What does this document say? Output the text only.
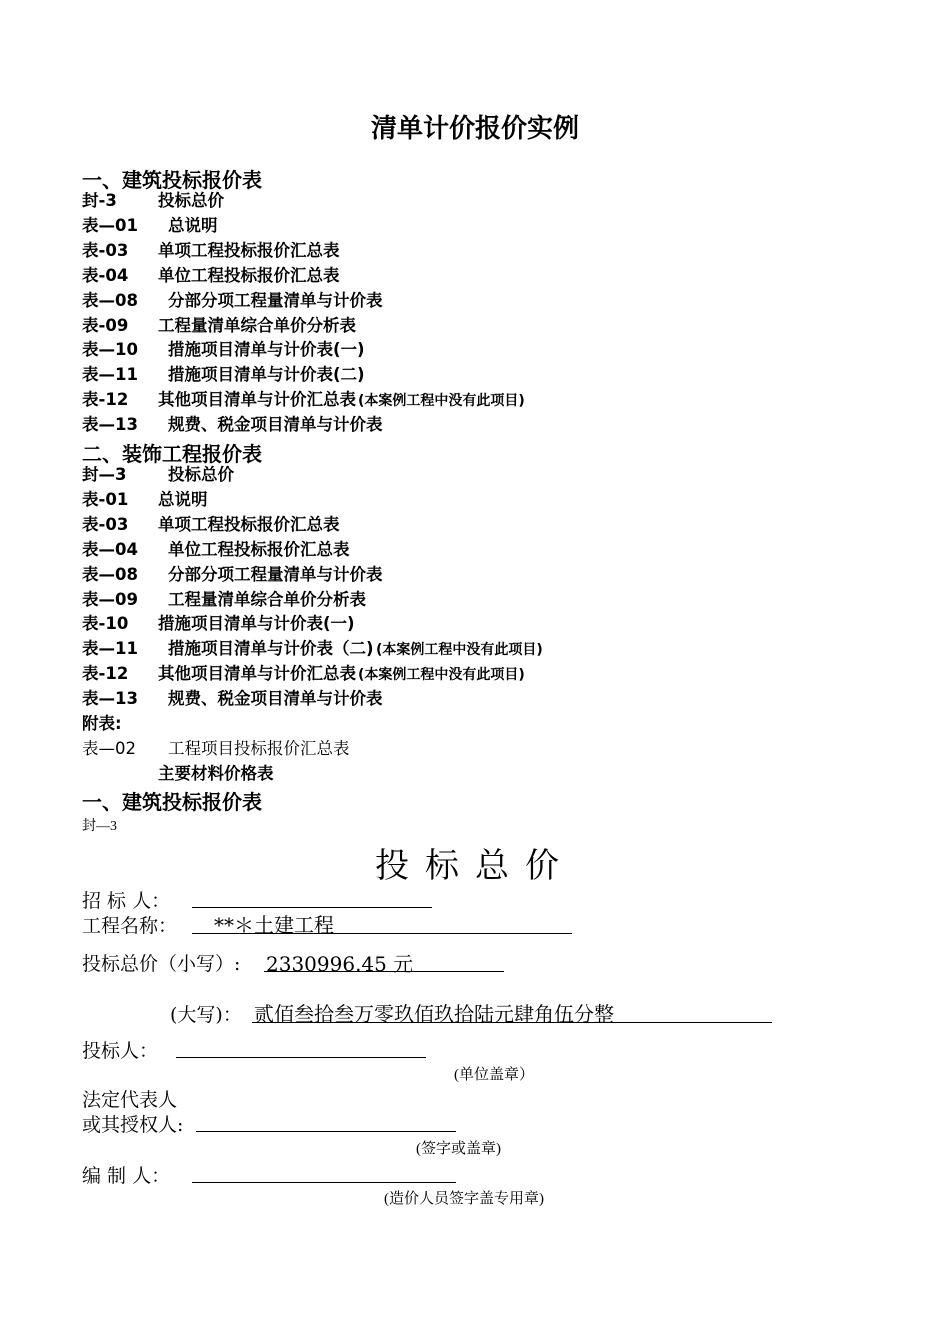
清单计价报价实例
一、建筑投标报价表
封-3 投标总价
表—01 总说明
表-03 单项工程投标报价汇总表
表-04 单位工程投标报价汇总表
表—08 分部分项工程量清单与计价表
表-09 工程量清单综合单价分析表
表—10 措施项目清单与计价表(一)
表—11 措施项目清单与计价表(二)
表-12 其他项目清单与计价汇总表 (本案例工程中没有此项目)
表—13 规费、税金项目清单与计价表
二、装饰工程报价表
封—3	投标总价
表-01 总说明
表-03 单项工程投标报价汇总表
表—04 单位工程投标报价汇总表
表—08 分部分项工程量清单与计价表
表—09 工程量清单综合单价分析表
表-10 措施项目清单与计价表(一)
表—11 措施项目清单与计价表（二) (本案例工程中没有此项目)
表-12 其他项目清单与计价汇总表 (本案例工程中没有此项目)
表—13 规费、税金项目清单与计价表
附表:
表—02 工程项目投标报价汇总表
主要材料价格表
一、建筑投标报价表
封—3
投标总价
招 标 人：
工程名称： **＊土建工程
投标总价（小写）: 2330996.45 元
(大写)： 贰佰叁拾叁万零玖佰玖拾陆元肆角伍分整
投标人：
(单位盖章）
法定代表人
或其授权人:
(签字或盖章)
编 制 人：
(造价人员签字盖专用章)
